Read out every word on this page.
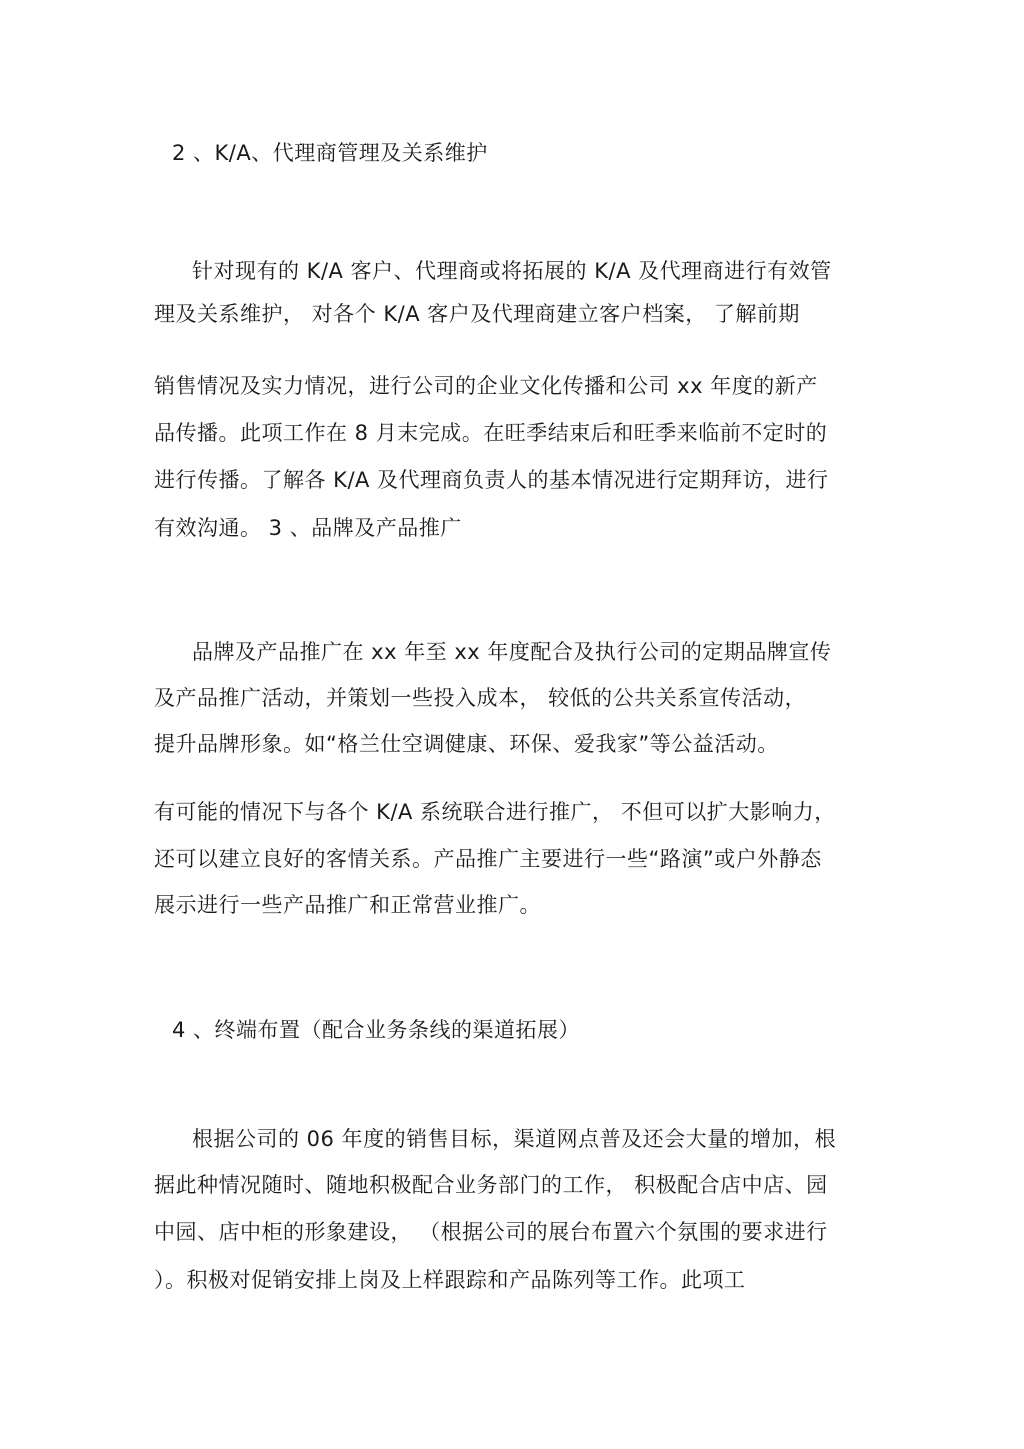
2 、K/A、代理商管理及关系维护
针对现有的 K/A 客户、代理商或将拓展的 K/A 及代理商进行有效管
理及关系维护， 对各个 K/A 客户及代理商建立客户档案， 了解前期
销售情况及实力情况，进行公司的企业文化传播和公司 xx 年度的新产
品传播。此项工作在 8 月末完成。在旺季结束后和旺季来临前不定时的
进行传播。了解各 K/A 及代理商负责人的基本情况进行定期拜访，进行
有效沟通。 3 、品牌及产品推广
品牌及产品推广在 xx 年至 xx 年度配合及执行公司的定期品牌宣传
及产品推广活动，并策划一些投入成本， 较低的公共关系宣传活动，
提升品牌形象。如“格兰仕空调健康、环保、爱我家”等公益活动。
有可能的情况下与各个 K/A 系统联合进行推广， 不但可以扩大影响力，
还可以建立良好的客情关系。产品推广主要进行一些“路演”或户外静态
展示进行一些产品推广和正常营业推广。
4 、终端布置（配合业务条线的渠道拓展）
根据公司的 06 年度的销售目标，渠道网点普及还会大量的增加，根
据此种情况随时、随地积极配合业务部门的工作， 积极配合店中店、园
中园、店中柜的形象建设， （根据公司的展台布置六个氛围的要求进行
）。积极对促销安排上岗及上样跟踪和产品陈列等工作。此项工
